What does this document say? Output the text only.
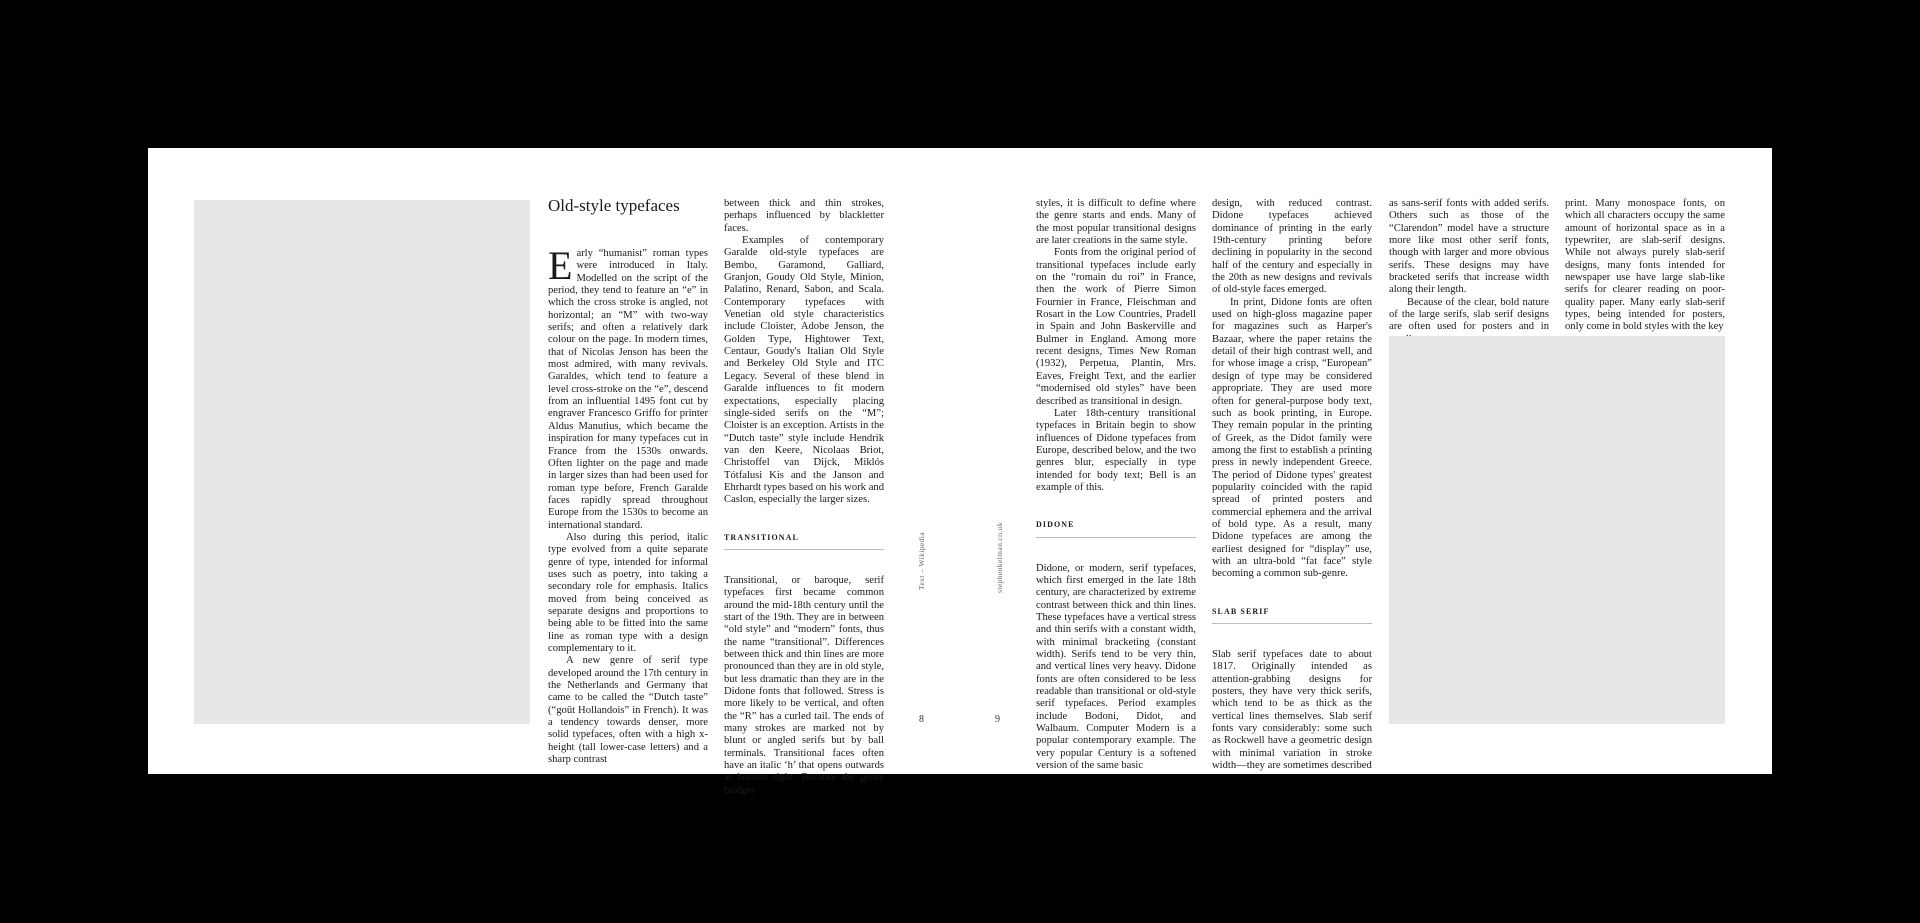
Old-style typefaces

Early “humanist” roman types were introduced in Italy. Modelled on the script of the period, they tend to feature an “e” in which the cross stroke is angled, not horizontal; an “M” with two-way serifs; and often a relatively dark colour on the page. In modern times, that of Nicolas Jenson has been the most admired, with many revivals. Garaldes, which tend to feature a level cross-stroke on the “e”, descend from an influential 1495 font cut by engraver Francesco Griffo for printer Aldus Manutius, which became the inspiration for many typefaces cut in France from the 1530s onwards. Often lighter on the page and made in larger sizes than had been used for roman type before, French Garalde faces rapidly spread throughout Europe from the 1530s to become an international standard.

Also during this period, italic type evolved from a quite separate genre of type, intended for informal uses such as poetry, into taking a secondary role for emphasis. Italics moved from being conceived as separate designs and proportions to being able to be fitted into the same line as roman type with a design complementary to it.

A new genre of serif type developed around the 17th century in the Netherlands and Germany that came to be called the “Dutch taste” (“goût Hollandois” in French). It was a tendency towards denser, more solid typefaces, often with a high x-height (tall lower-case letters) and a sharp contrast

between thick and thin strokes, perhaps influenced by blackletter faces.

Examples of contemporary Garalde old-style typefaces are Bembo, Garamond, Galliard, Granjon, Goudy Old Style, Minion, Palatino, Renard, Sabon, and Scala. Contemporary typefaces with Venetian old style characteristics include Cloister, Adobe Jenson, the Golden Type, Hightower Text, Centaur, Goudy's Italian Old Style and Berkeley Old Style and ITC Legacy. Several of these blend in Garalde influences to fit modern expectations, especially placing single-sided serifs on the “M”; Cloister is an exception. Artists in the “Dutch taste” style include Hendrik van den Keere, Nicolaas Briot, Christoffel van Dijck, Miklós Tótfalusi Kis and the Janson and Ehrhardt types based on his work and Caslon, especially the larger sizes.

TRANSITIONAL

Transitional, or baroque, serif typefaces first became common around the mid-18th century until the start of the 19th. They are in between “old style” and “modern” fonts, thus the name “transitional”. Differences between thick and thin lines are more pronounced than they are in old style, but less dramatic than they are in the Didone fonts that followed. Stress is more likely to be vertical, and often the “R” has a curled tail. The ends of many strokes are marked not by blunt or angled serifs but by ball terminals. Transitional faces often have an italic ‘h’ that opens outwards at bottom right. Because the genre bridges

8
Text – Wikipedia	stephenkelman.co.uk
9

styles, it is difficult to define where the genre starts and ends. Many of the most popular transitional designs are later creations in the same style.

Fonts from the original period of transitional typefaces include early on the “romain du roi” in France, then the work of Pierre Simon Fournier in France, Fleischman and Rosart in the Low Countries, Pradell in Spain and John Baskerville and Bulmer in England. Among more recent designs, Times New Roman (1932), Perpetua, Plantin, Mrs. Eaves, Freight Text, and the earlier “modernised old styles” have been described as transitional in design.

Later 18th-century transitional typefaces in Britain begin to show influences of Didone typefaces from Europe, described below, and the two genres blur, especially in type intended for body text; Bell is an example of this.

DIDONE

Didone, or modern, serif typefaces, which first emerged in the late 18th century, are characterized by extreme contrast between thick and thin lines. These typefaces have a vertical stress and thin serifs with a constant width, with minimal bracketing (constant width). Serifs tend to be very thin, and vertical lines very heavy. Didone fonts are often considered to be less readable than transitional or old-style serif typefaces. Period examples include Bodoni, Didot, and Walbaum. Computer Modern is a popular contemporary example. The very popular Century is a softened version of the same basic

design, with reduced contrast. Didone typefaces achieved dominance of printing in the early 19th-century printing before declining in popularity in the second half of the century and especially in the 20th as new designs and revivals of old-style faces emerged.

In print, Didone fonts are often used on high-gloss magazine paper for magazines such as Harper's Bazaar, where the paper retains the detail of their high contrast well, and for whose image a crisp, “European” design of type may be considered appropriate. They are used more often for general-purpose body text, such as book printing, in Europe. They remain popular in the printing of Greek, as the Didot family were among the first to establish a printing press in newly independent Greece. The period of Didone types' greatest popularity coincided with the rapid spread of printed posters and commercial ephemera and the arrival of bold type. As a result, many Didone typefaces are among the earliest designed for “display” use, with an ultra-bold “fat face” style becoming a common sub-genre.

SLAB SERIF

Slab serif typefaces date to about 1817. Originally intended as attention-grabbing designs for posters, they have very thick serifs, which tend to be as thick as the vertical lines themselves. Slab serif fonts vary considerably: some such as Rockwell have a geometric design with minimal variation in stroke width—they are sometimes described

as sans-serif fonts with added serifs. Others such as those of the “Clarendon” model have a structure more like most other serif fonts, though with larger and more obvious serifs. These designs may have bracketed serifs that increase width along their length.

Because of the clear, bold nature of the large serifs, slab serif designs are often used for posters and in

print. Many monospace fonts, on which all characters occupy the same amount of horizontal space as in a typewriter, are slab-serif designs. While not always purely slab-serif designs, many fonts intended for newspaper use have large slab-like serifs for clearer reading on poor-quality paper. Many early slab-serif types, being intended for posters, only come in bold styles with the key
